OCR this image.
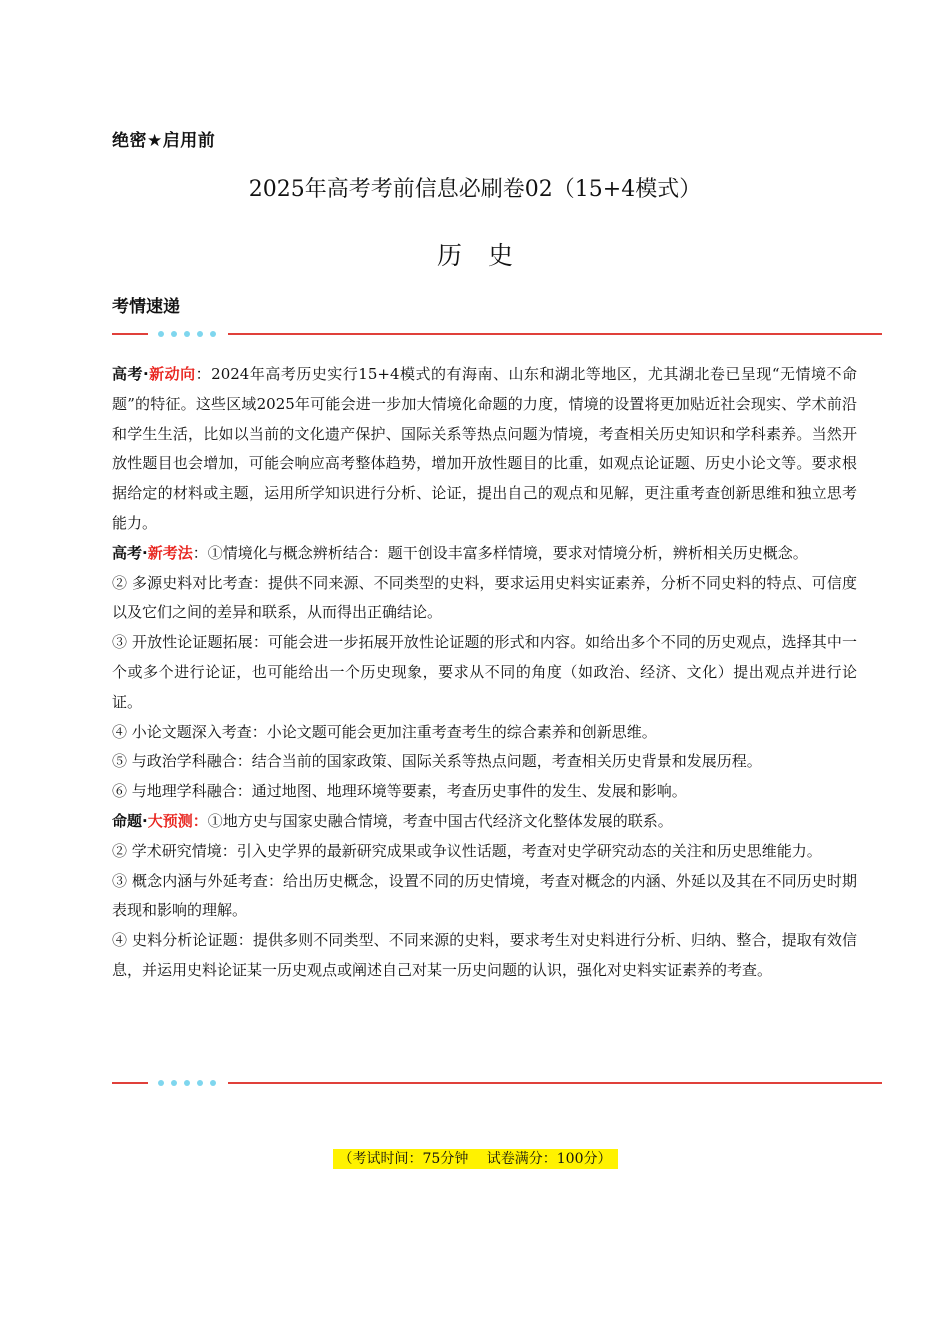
绝密★启用前
2025年高考考前信息必刷卷02（15+4模式）
历史
考情速递

高考·新动向：2024年高考历史实行15+4模式的有海南、山东和湖北等地区，尤其湖北卷已呈现“无情境不命题”的特征。这些区域2025年可能会进一步加大情境化命题的力度，情境的设置将更加贴近社会现实、学术前沿和学生生活，比如以当前的文化遗产保护、国际关系等热点问题为情境，考查相关历史知识和学科素养。当然开放性题目也会增加，可能会响应高考整体趋势，增加开放性题目的比重，如观点论证题、历史小论文等。要求根据给定的材料或主题，运用所学知识进行分析、论证，提出自己的观点和见解，更注重考查创新思维和独立思考能力。

高考·新考法：①情境化与概念辨析结合：题干创设丰富多样情境，要求对情境分析，辨析相关历史概念。

② 多源史料对比考查：提供不同来源、不同类型的史料，要求运用史料实证素养，分析不同史料的特点、可信度以及它们之间的差异和联系，从而得出正确结论。

③ 开放性论证题拓展：可能会进一步拓展开放性论证题的形式和内容。如给出多个不同的历史观点，选择其中一个或多个进行论证，也可能给出一个历史现象，要求从不同的角度（如政治、经济、文化）提出观点并进行论证。

④ 小论文题深入考查：小论文题可能会更加注重考查考生的综合素养和创新思维。

⑤ 与政治学科融合：结合当前的国家政策、国际关系等热点问题，考查相关历史背景和发展历程。

⑥ 与地理学科融合：通过地图、地理环境等要素，考查历史事件的发生、发展和影响。

命题·大预测：①地方史与国家史融合情境，考查中国古代经济文化整体发展的联系。

② 学术研究情境：引入史学界的最新研究成果或争议性话题，考查对史学研究动态的关注和历史思维能力。

③ 概念内涵与外延考查：给出历史概念，设置不同的历史情境，考查对概念的内涵、外延以及其在不同历史时期表现和影响的理解。

④ 史料分析论证题：提供多则不同类型、不同来源的史料，要求考生对史料进行分析、归纳、整合，提取有效信息，并运用史料论证某一历史观点或阐述自己对某一历史问题的认识，强化对史料实证素养的考查。

（考试时间：75分钟　 试卷满分：100分）
